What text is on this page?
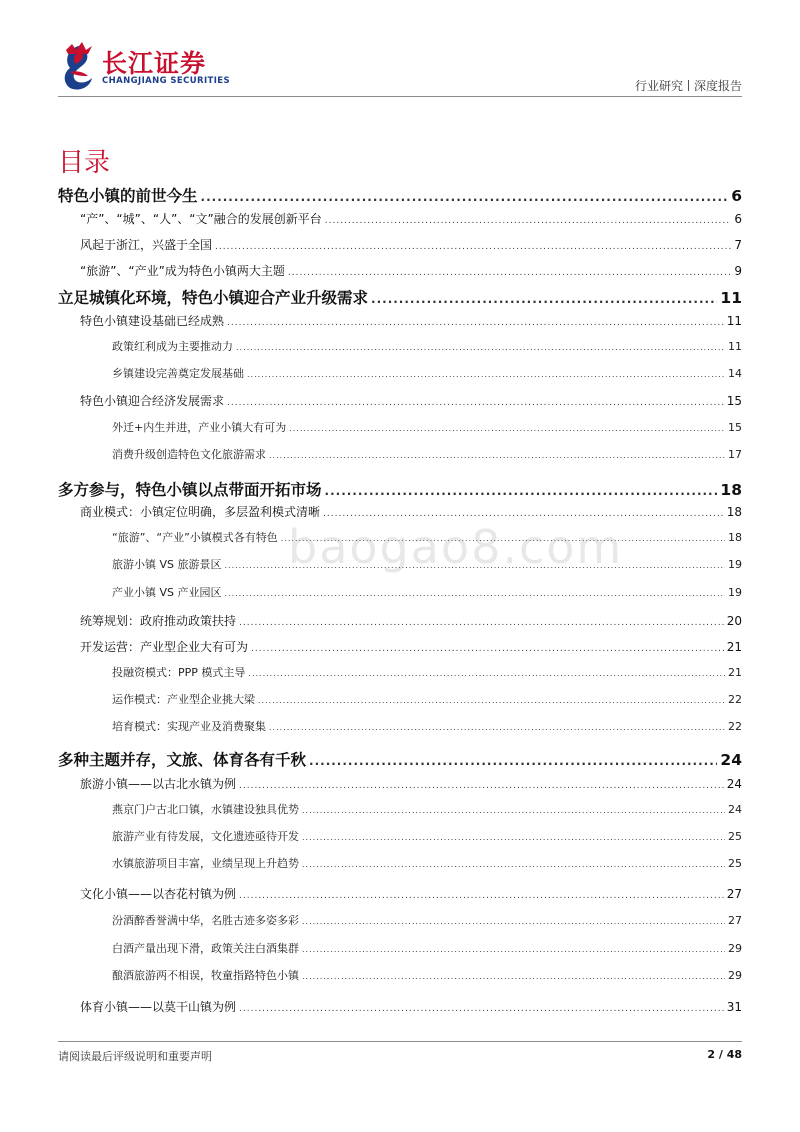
长江证券
CHANGJIANG SECURITIES	行业研究 深度报告
目录
特色小镇的前世今生 .....	6
“产”、“城”、“人”、“文”融合的发展创新平台 .....	6
风起于浙江，兴盛于全国 .....	7
“旅游”、“产业”成为特色小镇两大主题 .....	9
立足城镇化环境，特色小镇迎合产业升级需求 .....	11
特色小镇建设基础已经成熟 .....	11
政策红利成为主要推动力 .....	11
乡镇建设完善奠定发展基础 .....	14
特色小镇迎合经济发展需求 .....	15
外迁+内生并进，产业小镇大有可为 .....	15
消费升级创造特色文化旅游需求 .....	17
多方参与，特色小镇以点带面开拓市场 .....	18
商业模式：小镇定位明确，多层盈利模式清晰 .....	18
“旅游”、“产业”小镇模式各有特色 .....	18
旅游小镇 VS 旅游景区 .....	19
产业小镇 VS 产业园区 .....	19
统筹规划：政府推动政策扶持 .....	20
开发运营：产业型企业大有可为 .....	21
投融资模式：PPP 模式主导 .....	21
运作模式：产业型企业挑大梁 .....	22
培育模式：实现产业及消费聚集 .....	22
多种主题并存，文旅、体育各有千秋 .....	24
旅游小镇——以古北水镇为例 .....	24
燕京门户古北口镇，水镇建设独具优势 .....	24
旅游产业有待发展，文化遗迹亟待开发 .....	25
水镇旅游项目丰富，业绩呈现上升趋势 .....	25
文化小镇——以杏花村镇为例 .....	27
汾酒醉香誉满中华，名胜古迹多姿多彩 .....	27
白酒产量出现下滑，政策关注白酒集群 .....	29
酿酒旅游两不相误，牧童指路特色小镇 .....	29
体育小镇——以莫干山镇为例 .....	31
baogao8.com
请阅读最后评级说明和重要声明	2 / 48
